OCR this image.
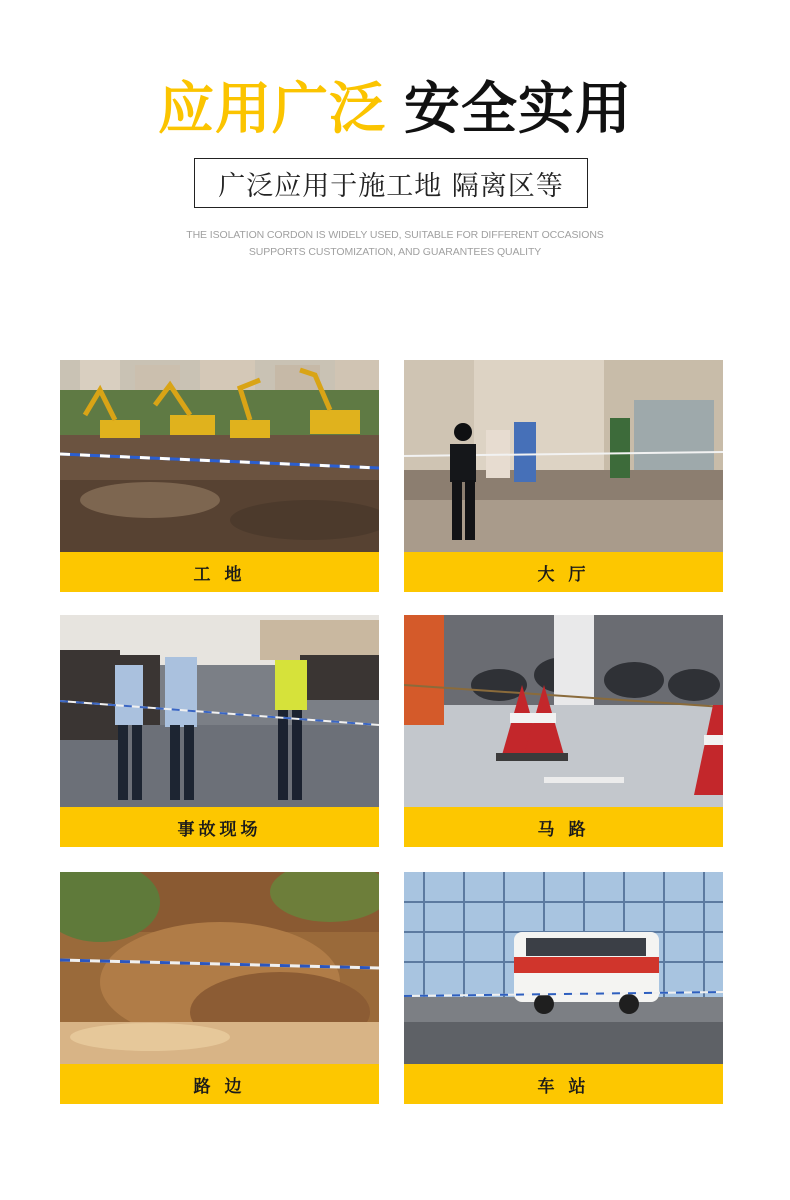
应用广泛 安全实用
广泛应用于施工地 隔离区等
THE ISOLATION CORDON IS WIDELY USED, SUITABLE FOR DIFFERENT OCCASIONS
SUPPORTS CUSTOMIZATION, AND GUARANTEES QUALITY
工 地	大 厅
事故现场	马 路
路 边	车 站
